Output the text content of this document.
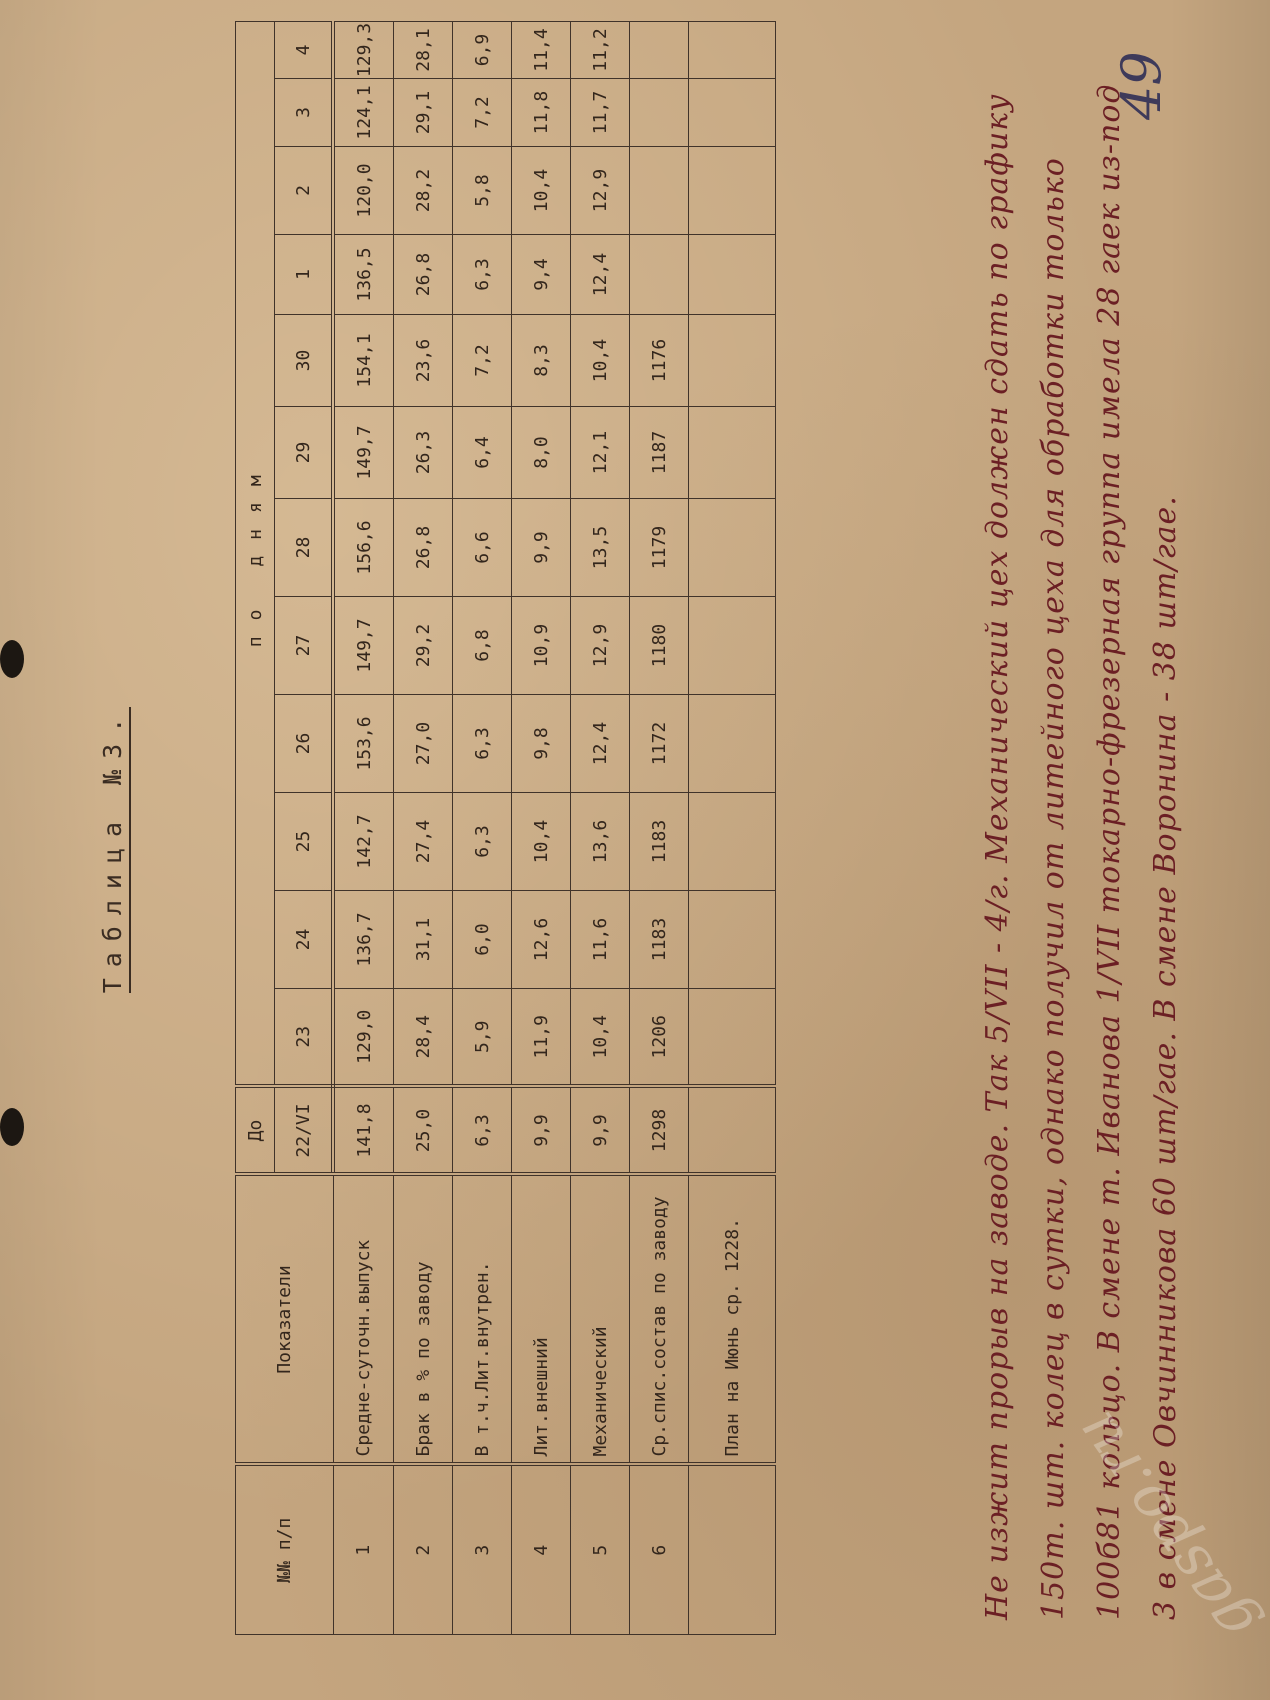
Таблица №3.
№№ п/п	Показатели	До	по дням											
		22/VI	23	24	25	26	27	28	29	30	1	2	3	4
1	Средне-суточн.выпуск	141,8	129,0	136,7	142,7	153,6	149,7	156,6	149,7	154,1	136,5	120,0	124,1	129,3
2	Брак в % по заводу	25,0	28,4	31,1	27,4	27,0	29,2	26,8	26,3	23,6	26,8	28,2	29,1	28,1
3	В т.ч.Лит.внутрен.	6,3	5,9	6,0	6,3	6,3	6,8	6,6	6,4	7,2	6,3	5,8	7,2	6,9
4	Лит.внешний	9,9	11,9	12,6	10,4	9,8	10,9	9,9	8,0	8,3	9,4	10,4	11,8	11,4
5	Механический	9,9	10,4	11,6	13,6	12,4	12,9	13,5	12,1	10,4	12,4	12,9	11,7	11,2
6	Ср.спис.состав по заводу	1298	1206	1183	1183	1172	1180	1179	1187	1176				
	План на Июнь ср. 1228.														Не изжит прорыв на заводе. Так 5/VII - 4/г. Механический цех должен сдать по графику 150т. шт. колец в сутки, однако получил от литейного цеха для обработки только 100б81 кольцо. В смене т. Иванова 1/VII токарно-фрезерная группа имела 28 гаек из-под 3 в смене Овчинникова 60 шт/гае. В смене Воронина - 38 шт/гае.
49
gaspo.ru
